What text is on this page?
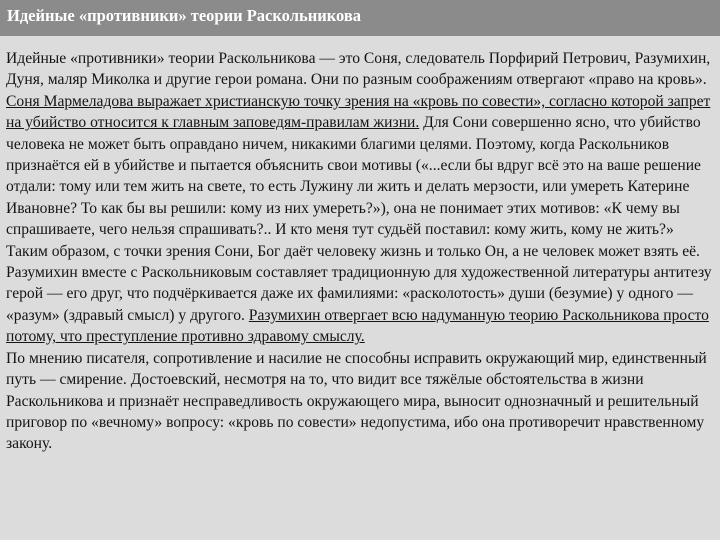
Идейные «противники» теории Раскольникова

Идейные «противники» теории Раскольникова — это Соня, следователь Порфирий Петрович, Разумихин, Дуня, маляр Миколка и другие герои романа. Они по разным соображениям отвергают «право на кровь». Соня Мармеладова выражает христианскую точку зрения на «кровь по совести», согласно которой запрет на убийство относится к главным заповедям-правилам жизни. Для Сони совершенно ясно, что убийство человека не может быть оправдано ничем, никакими благими целями. Поэтому, когда Раскольников признаётся ей в убийстве и пытается объяснить свои мотивы («...если бы вдруг всё это на ваше решение отдали: тому или тем жить на свете, то есть Лужину ли жить и делать мерзости, или умереть Катерине Ивановне? То как бы вы решили: кому из них умереть?»), она не понимает этих мотивов: «К чему вы спрашиваете, чего нельзя спрашивать?.. И кто меня тут судьёй поставил: кому жить, кому не жить?» Таким образом, с точки зрения Сони, Бог даёт человеку жизнь и только Он, а не человек может взять её.

Разумихин вместе с Раскольниковым составляет традиционную для художественной литературы антитезу герой — его друг, что подчёркивается даже их фамилиями: «расколотость» души (безумие) у одного — «разум» (здравый смысл) у другого. Разумихин отвергает всю надуманную теорию Раскольникова просто потому, что преступление противно здравому смыслу.

По мнению писателя, сопротивление и насилие не способны исправить окружающий мир, единственный путь — смирение. Достоевский, несмотря на то, что видит все тяжёлые обстоятельства в жизни Раскольникова и признаёт несправедливость окружающего мира, выносит однозначный и решительный приговор по «вечному» вопросу: «кровь по совести» недопустима, ибо она противоречит нравственному закону.
